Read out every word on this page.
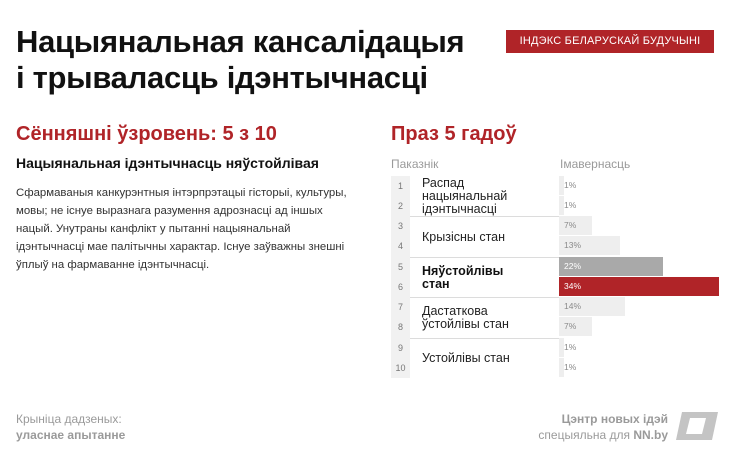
Нацыянальная кансалідацыя
і трываласць ідэнтычнасці
ІНДЭКС БЕЛАРУСКАЙ БУДУЧЫНІ
Сённяшні ўзровень: 5 з 10
Нацыянальная ідэнтычнасць няўстойлівая
Сфармаваныя канкурэнтныя інтэрпрэтацыі гісторыі, культуры, мовы; не існуе выразнага разумення адрознасці ад іншых нацый. Унутраны канфлікт у пытанні нацыянальнай ідэнтычнасці мае палітычны характар. Існуе заўважны знешні ўплыў на фармаванне ідэнтычнасці.
Праз 5 гадоў
Паказнік	Імавернасць
1
2
3
4
5
6
7
8
9
10
Распад нацыянальнай ідэнтычнасці
Крызісны стан
Няўстойлівы стан
Дастаткова ўстойлівы стан
Устойлівы стан
1%
1%
7%
13%
22%
34%
14%
7%
1%
1%
Крыніца дадзеных:
уласнае апытанне
Цэнтр новых ідэй
спецыяльна для NN.by
